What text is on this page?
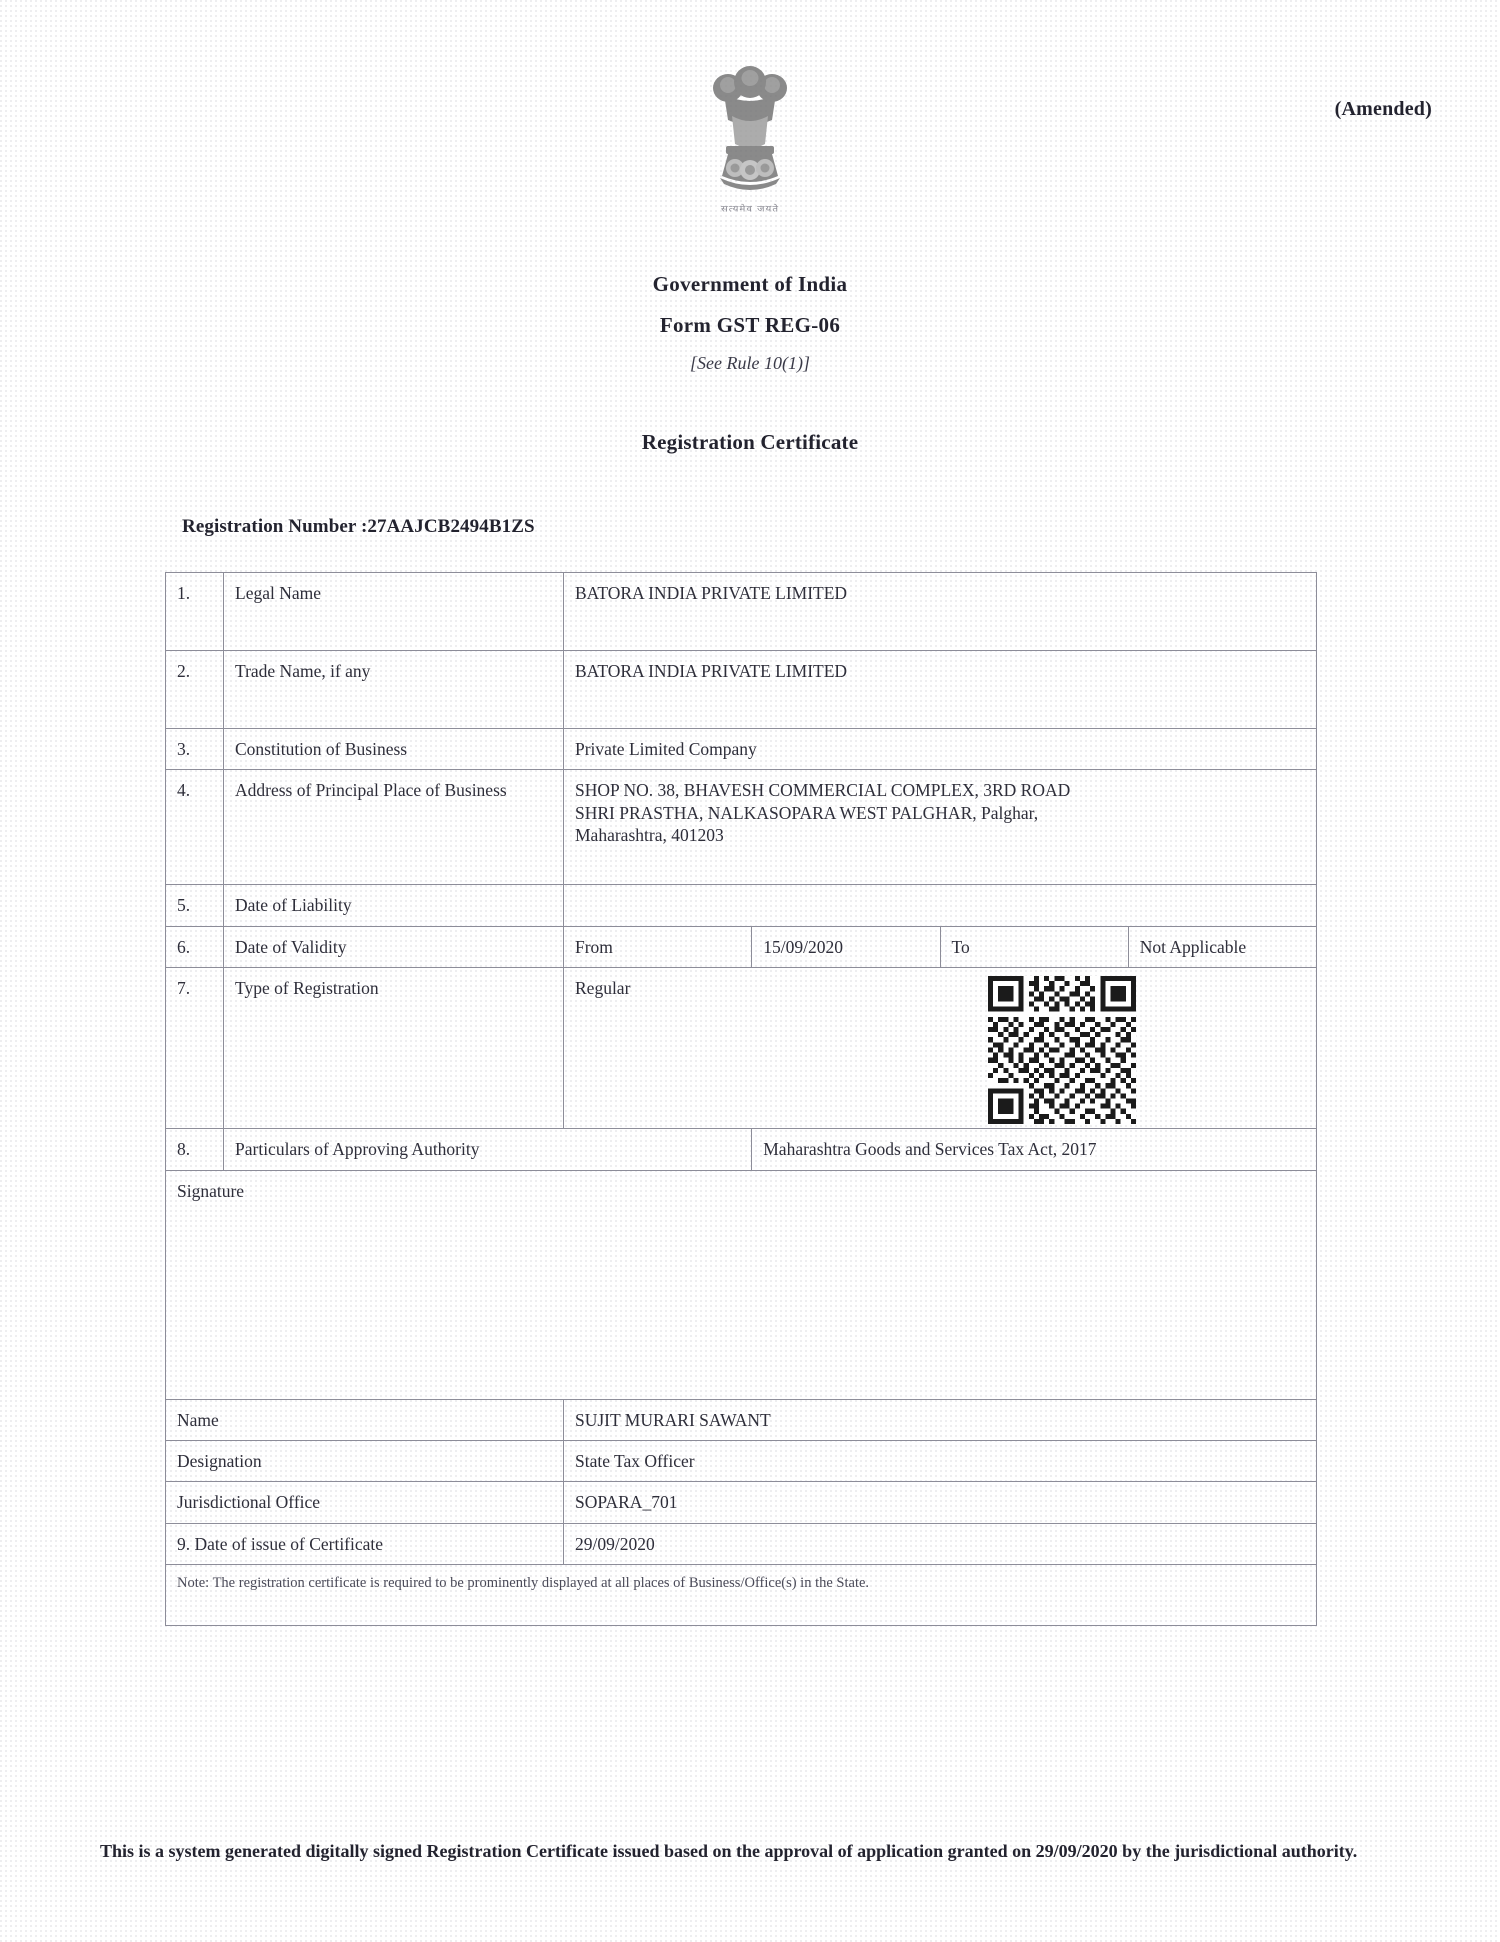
(Amended)
सत्यमेव जयते
Government of India
Form GST REG-06
[See Rule 10(1)]
Registration Certificate
Registration Number :27AAJCB2494B1ZS
1.	Legal Name	BATORA INDIA PRIVATE LIMITED			
2.	Trade Name, if any	BATORA INDIA PRIVATE LIMITED			
3.	Constitution of Business	Private Limited Company			
4.	Address of Principal Place of Business	SHOP NO. 38, BHAVESH COMMERCIAL COMPLEX, 3RD ROAD
SHRI PRASTHA, NALKASOPARA WEST PALGHAR, Palghar,
Maharashtra, 401203			

5.	Date of Liability				
6.	Date of Validity	From	15/09/2020	To	Not Applicable
7.	Type of Registration	Regular			

8.	Particulars of Approving Authority		Maharashtra Goods and Services Tax Act, 2017		
Signature					
Name		SUJIT MURARI SAWANT			
Designation		State Tax Officer			
Jurisdictional Office		SOPARA_701			
9. Date of issue of Certificate		29/09/2020			
Note: The registration certificate is required to be prominently displayed at all places of Business/Office(s) in the State.					
This is a system generated digitally signed Registration Certificate issued based on the approval of application granted on 29/09/2020 by the jurisdictional authority.
